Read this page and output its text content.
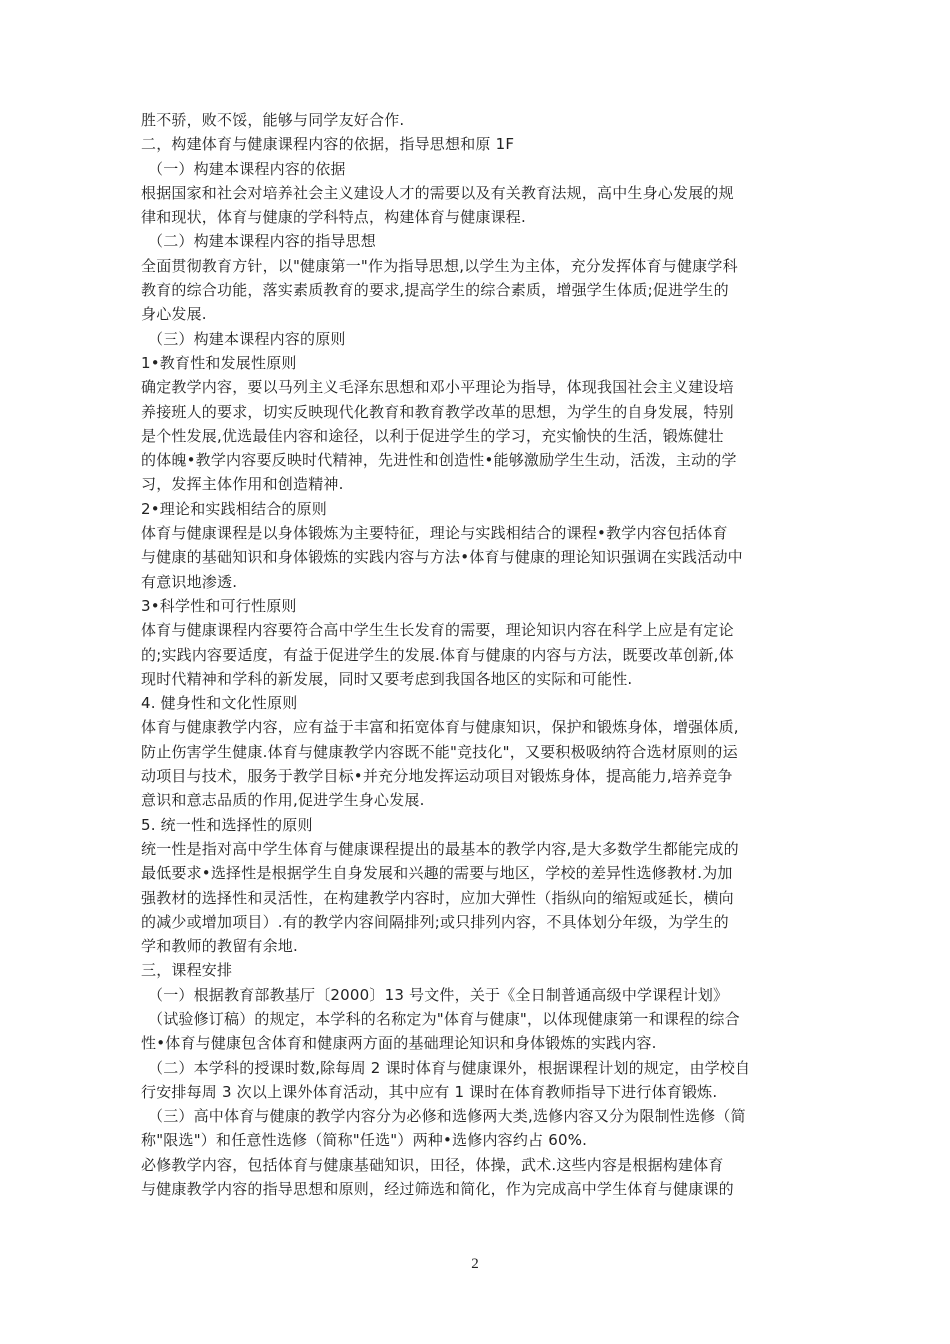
胜不骄，败不馁，能够与同学友好合作.
二，构建体育与健康课程内容的依据，指导思想和原 1F
（一）构建本课程内容的依据
根据国家和社会对培养社会主义建设人才的需要以及有关教育法规，高中生身心发展的规
律和现状，体育与健康的学科特点，构建体育与健康课程.
（二）构建本课程内容的指导思想
全面贯彻教育方针，以"健康第一"作为指导思想,以学生为主体，充分发挥体育与健康学科
教育的综合功能，落实素质教育的要求,提高学生的综合素质，增强学生体质;促进学生的
身心发展.
（三）构建本课程内容的原则
1•教育性和发展性原则
确定教学内容，要以马列主义毛泽东思想和邓小平理论为指导，体现我国社会主义建设培
养接班人的要求，切实反映现代化教育和教育教学改革的思想，为学生的自身发展，特别
是个性发展,优选最佳内容和途径，以利于促进学生的学习，充实愉快的生活，锻炼健壮
的体魄•教学内容要反映时代精神，先进性和创造性•能够激励学生生动，活泼，主动的学
习，发挥主体作用和创造精神.
2•理论和实践相结合的原则
体育与健康课程是以身体锻炼为主要特征，理论与实践相结合的课程•教学内容包括体育
与健康的基础知识和身体锻炼的实践内容与方法•体育与健康的理论知识强调在实践活动中
有意识地渗透.
3•科学性和可行性原则
体育与健康课程内容要符合高中学生生长发育的需要，理论知识内容在科学上应是有定论
的;实践内容要适度，有益于促进学生的发展.体育与健康的内容与方法，既要改革创新,体
现时代精神和学科的新发展，同时又要考虑到我国各地区的实际和可能性.
4. 健身性和文化性原则
体育与健康教学内容，应有益于丰富和拓宽体育与健康知识，保护和锻炼身体，增强体质,
防止伤害学生健康.体育与健康教学内容既不能"竞技化"，又要积极吸纳符合选材原则的运
动项目与技术，服务于教学目标•并充分地发挥运动项目对锻炼身体，提高能力,培养竞争
意识和意志品质的作用,促进学生身心发展.
5. 统一性和选择性的原则
统一性是指对高中学生体育与健康课程提出的最基本的教学内容,是大多数学生都能完成的
最低要求•选择性是根据学生自身发展和兴趣的需要与地区，学校的差异性选修教材.为加
强教材的选择性和灵活性，在构建教学内容时，应加大弹性（指纵向的缩短或延长，横向
的减少或增加项目）.有的教学内容间隔排列;或只排列内容，不具体划分年级，为学生的
学和教师的教留有余地.
三，课程安排
（一）根据教育部教基厅〔2000〕13 号文件，关于《全日制普通高级中学课程计划》
（试验修订稿）的规定，本学科的名称定为"体育与健康"，以体现健康第一和课程的综合
性•体育与健康包含体育和健康两方面的基础理论知识和身体锻炼的实践内容.
（二）本学科的授课时数,除每周 2 课时体育与健康课外，根据课程计划的规定，由学校自
行安排每周 3 次以上课外体育活动，其中应有 1 课时在体育教师指导下进行体育锻炼.
（三）高中体育与健康的教学内容分为必修和选修两大类,选修内容又分为限制性选修（简
称"限选"）和任意性选修（简称"任选"）两种•选修内容约占 60%.
必修教学内容，包括体育与健康基础知识，田径，体操，武术.这些内容是根据构建体育
与健康教学内容的指导思想和原则，经过筛选和简化，作为完成高中学生体育与健康课的
2
